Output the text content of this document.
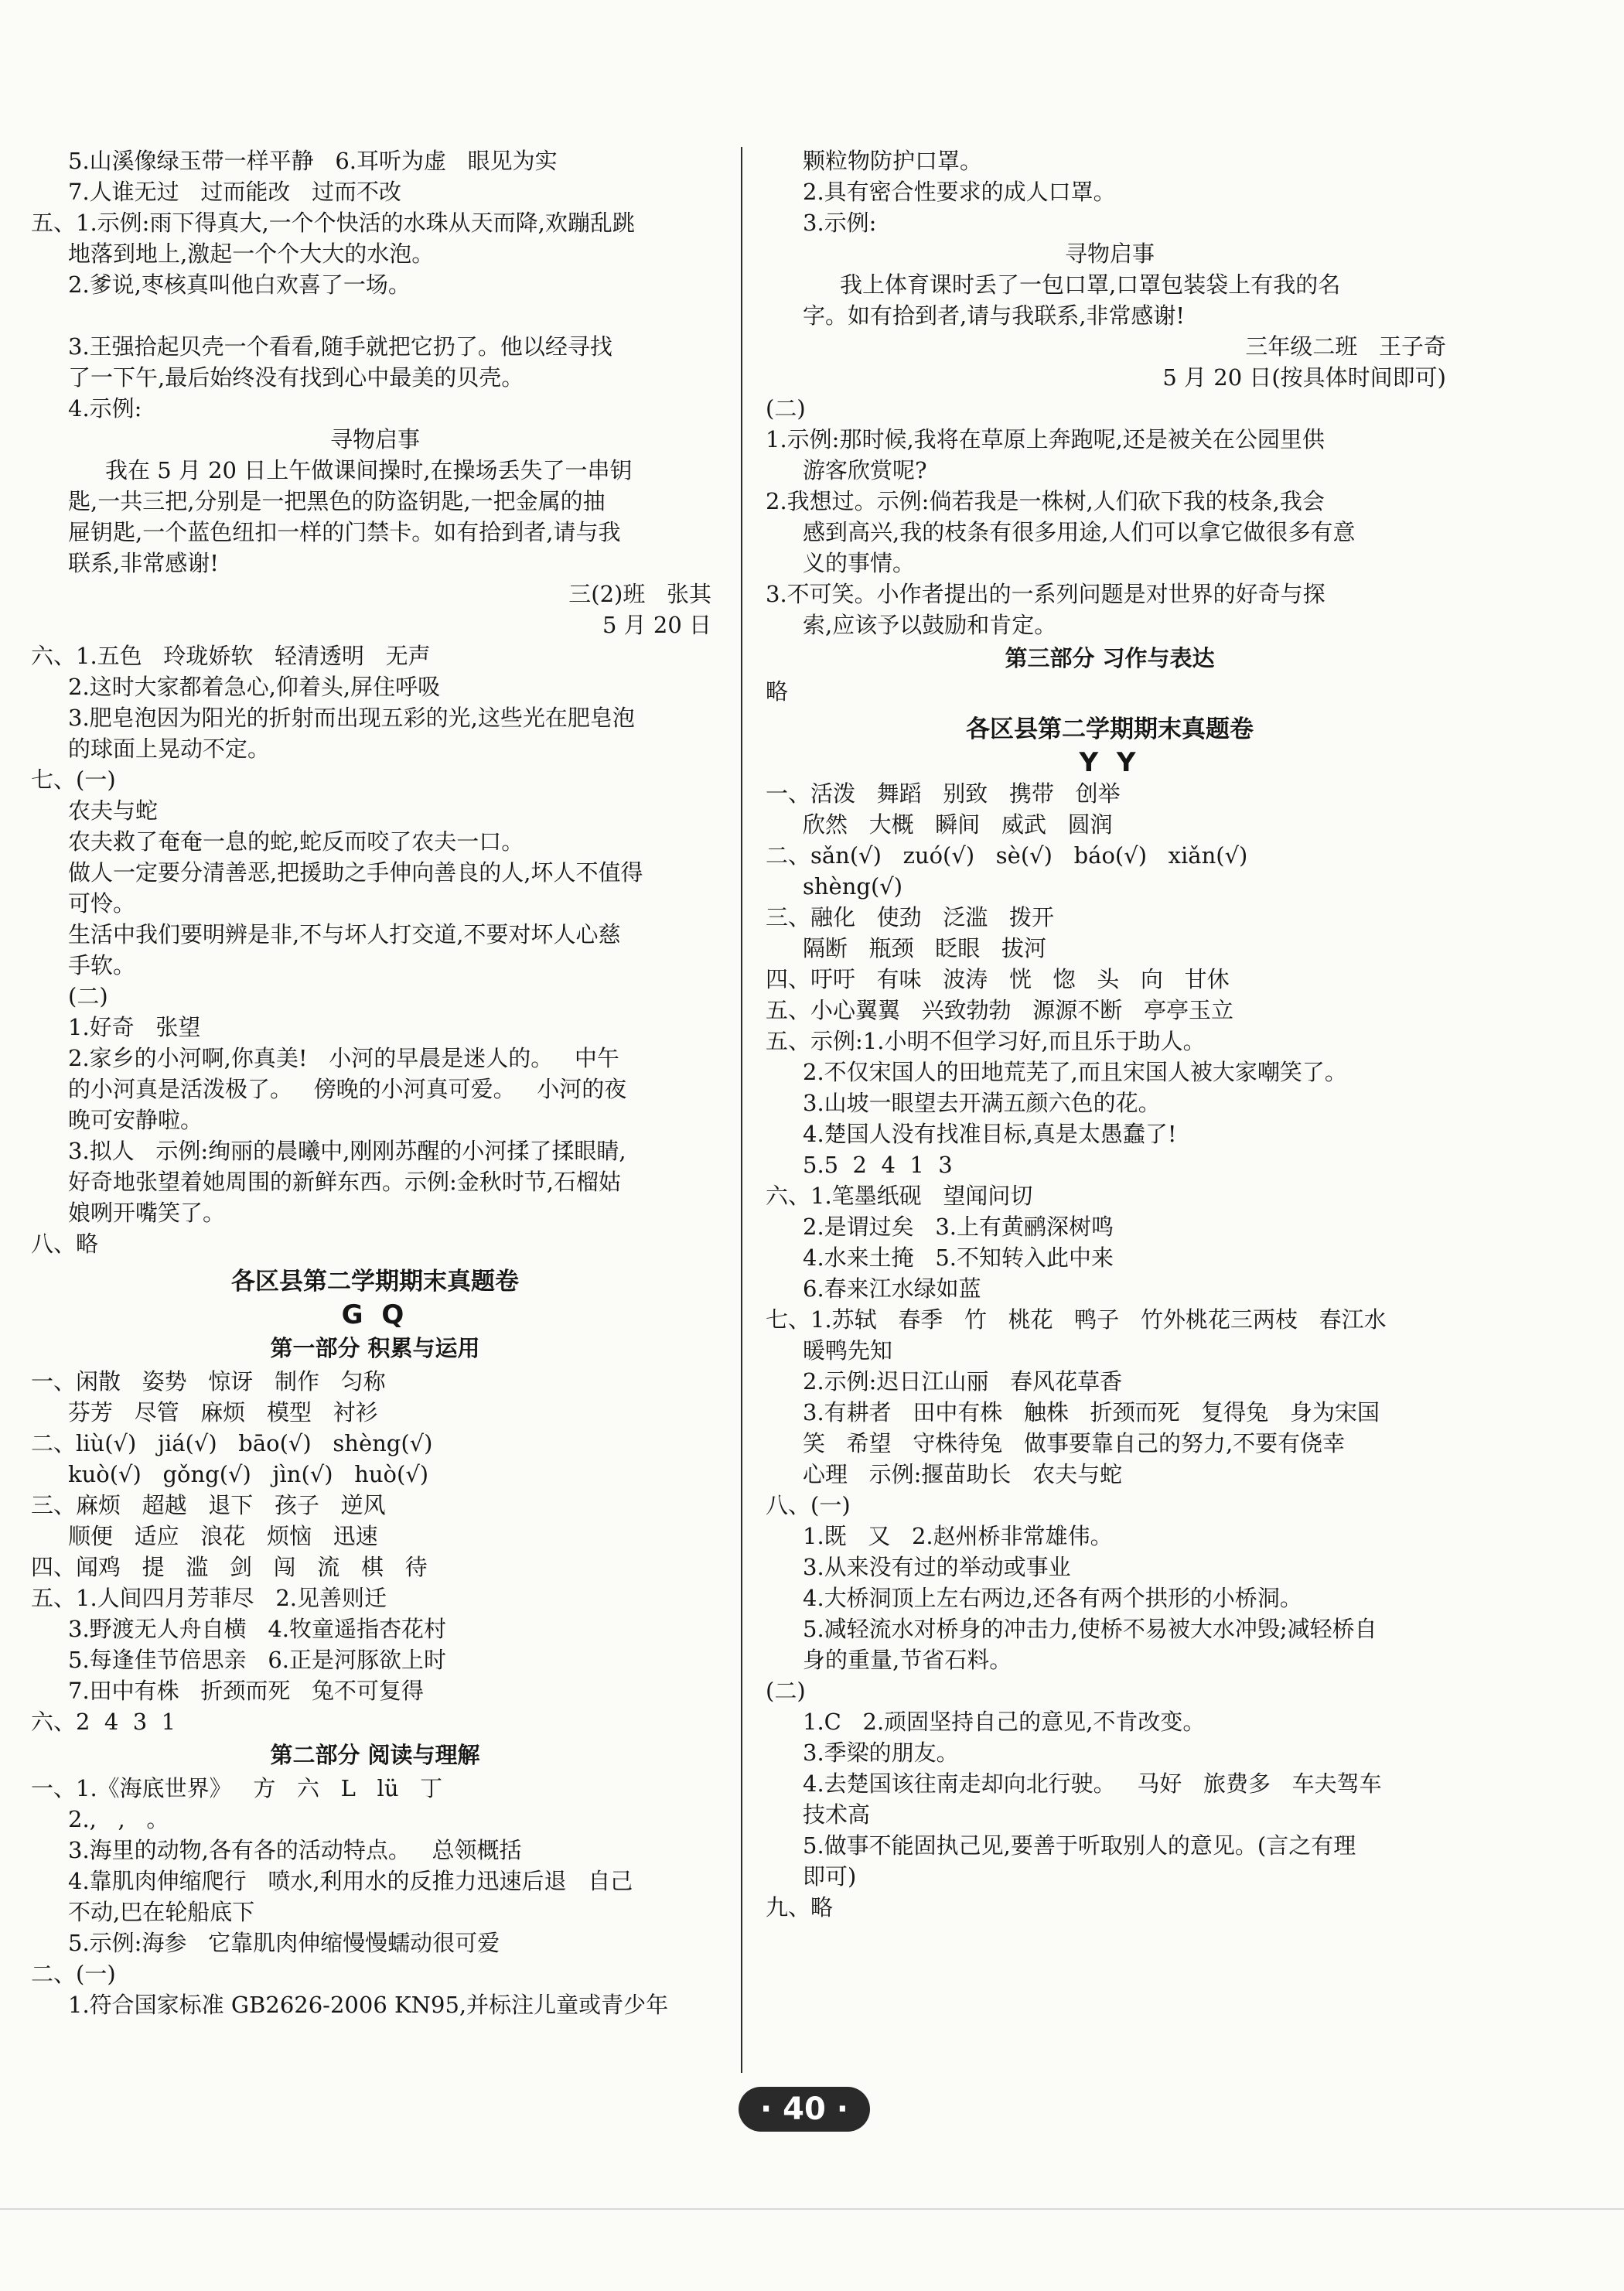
5.山溪像绿玉带一样平静   6.耳听为虚   眼见为实
7.人谁无过   过而能改   过而不改
五、1.示例:雨下得真大,一个个快活的水珠从天而降,欢蹦乱跳
地落到地上,激起一个个大大的水泡。
2.爹说,枣核真叫他白欢喜了一场。
3.王强拾起贝壳一个看看,随手就把它扔了。他以经寻找
了一下午,最后始终没有找到心中最美的贝壳。
4.示例:
寻物启事
我在 5 月 20 日上午做课间操时,在操场丢失了一串钥
匙,一共三把,分别是一把黑色的防盗钥匙,一把金属的抽
屉钥匙,一个蓝色纽扣一样的门禁卡。如有拾到者,请与我
联系,非常感谢!
三(2)班   张其
5 月 20 日
六、1.五色   玲珑娇软   轻清透明   无声
2.这时大家都着急心,仰着头,屏住呼吸
3.肥皂泡因为阳光的折射而出现五彩的光,这些光在肥皂泡
的球面上晃动不定。
七、(一)
农夫与蛇
农夫救了奄奄一息的蛇,蛇反而咬了农夫一口。
做人一定要分清善恶,把援助之手伸向善良的人,坏人不值得
可怜。
生活中我们要明辨是非,不与坏人打交道,不要对坏人心慈
手软。
(二)
1.好奇   张望
2.家乡的小河啊,你真美!   小河的早晨是迷人的。   中午
的小河真是活泼极了。   傍晚的小河真可爱。   小河的夜
晚可安静啦。
3.拟人   示例:绚丽的晨曦中,刚刚苏醒的小河揉了揉眼睛,
好奇地张望着她周围的新鲜东西。示例:金秋时节,石榴姑
娘咧开嘴笑了。
八、略
各区县第二学期期末真题卷
G Q
第一部分 积累与运用
一、闲散   姿势   惊讶   制作   匀称
芬芳   尽管   麻烦   模型   衬衫
二、liù(√)   jiá(√)   bāo(√)   shèng(√)
kuò(√)   gǒng(√)   jìn(√)   huò(√)
三、麻烦   超越   退下   孩子   逆风
顺便   适应   浪花   烦恼   迅速
四、闻鸡   提   滥   剑   闯   流   棋   待
五、1.人间四月芳菲尽   2.见善则迁
3.野渡无人舟自横   4.牧童遥指杏花村
5.每逢佳节倍思亲   6.正是河豚欲上时
7.田中有株   折颈而死   兔不可复得
六、2  4  3  1
第二部分 阅读与理解
一、1.《海底世界》   方   六   L   lü   丁
2.,   ,   。
3.海里的动物,各有各的活动特点。   总领概括
4.靠肌肉伸缩爬行   喷水,利用水的反推力迅速后退   自己
不动,巴在轮船底下
5.示例:海参   它靠肌肉伸缩慢慢蠕动很可爱
二、(一)
1.符合国家标准 GB2626-2006 KN95,并标注儿童或青少年
颗粒物防护口罩。
2.具有密合性要求的成人口罩。
3.示例:
寻物启事
我上体育课时丢了一包口罩,口罩包装袋上有我的名
字。如有拾到者,请与我联系,非常感谢!
三年级二班   王子奇
5 月 20 日(按具体时间即可)
(二)
1.示例:那时候,我将在草原上奔跑呢,还是被关在公园里供
游客欣赏呢?
2.我想过。示例:倘若我是一株树,人们砍下我的枝条,我会
感到高兴,我的枝条有很多用途,人们可以拿它做很多有意
义的事情。
3.不可笑。小作者提出的一系列问题是对世界的好奇与探
索,应该予以鼓励和肯定。
第三部分 习作与表达
略
各区县第二学期期末真题卷
Y Y
一、活泼   舞蹈   别致   携带   创举
欣然   大概   瞬间   威武   圆润
二、sǎn(√)   zuó(√)   sè(√)   báo(√)   xiǎn(√)
shèng(√)
三、融化   使劲   泛滥   拨开
隔断   瓶颈   眨眼   拔河
四、吁吁   有味   波涛   恍   惚   头   向   甘休
五、小心翼翼   兴致勃勃   源源不断   亭亭玉立
五、示例:1.小明不但学习好,而且乐于助人。
2.不仅宋国人的田地荒芜了,而且宋国人被大家嘲笑了。
3.山坡一眼望去开满五颜六色的花。
4.楚国人没有找准目标,真是太愚蠢了!
5.5  2  4  1  3
六、1.笔墨纸砚   望闻问切
2.是谓过矣   3.上有黄鹂深树鸣
4.水来土掩   5.不知转入此中来
6.春来江水绿如蓝
七、1.苏轼   春季   竹   桃花   鸭子   竹外桃花三两枝   春江水
暖鸭先知
2.示例:迟日江山丽   春风花草香
3.有耕者   田中有株   触株   折颈而死   复得兔   身为宋国
笑   希望   守株待兔   做事要靠自己的努力,不要有侥幸
心理   示例:揠苗助长   农夫与蛇
八、(一)
1.既   又   2.赵州桥非常雄伟。
3.从来没有过的举动或事业
4.大桥洞顶上左右两边,还各有两个拱形的小桥洞。
5.减轻流水对桥身的冲击力,使桥不易被大水冲毁;减轻桥自
身的重量,节省石料。
(二)
1.C   2.顽固坚持自己的意见,不肯改变。
3.季梁的朋友。
4.去楚国该往南走却向北行驶。   马好   旅费多   车夫驾车
技术高
5.做事不能固执己见,要善于听取别人的意见。(言之有理
即可)
九、略
· 40 ·
